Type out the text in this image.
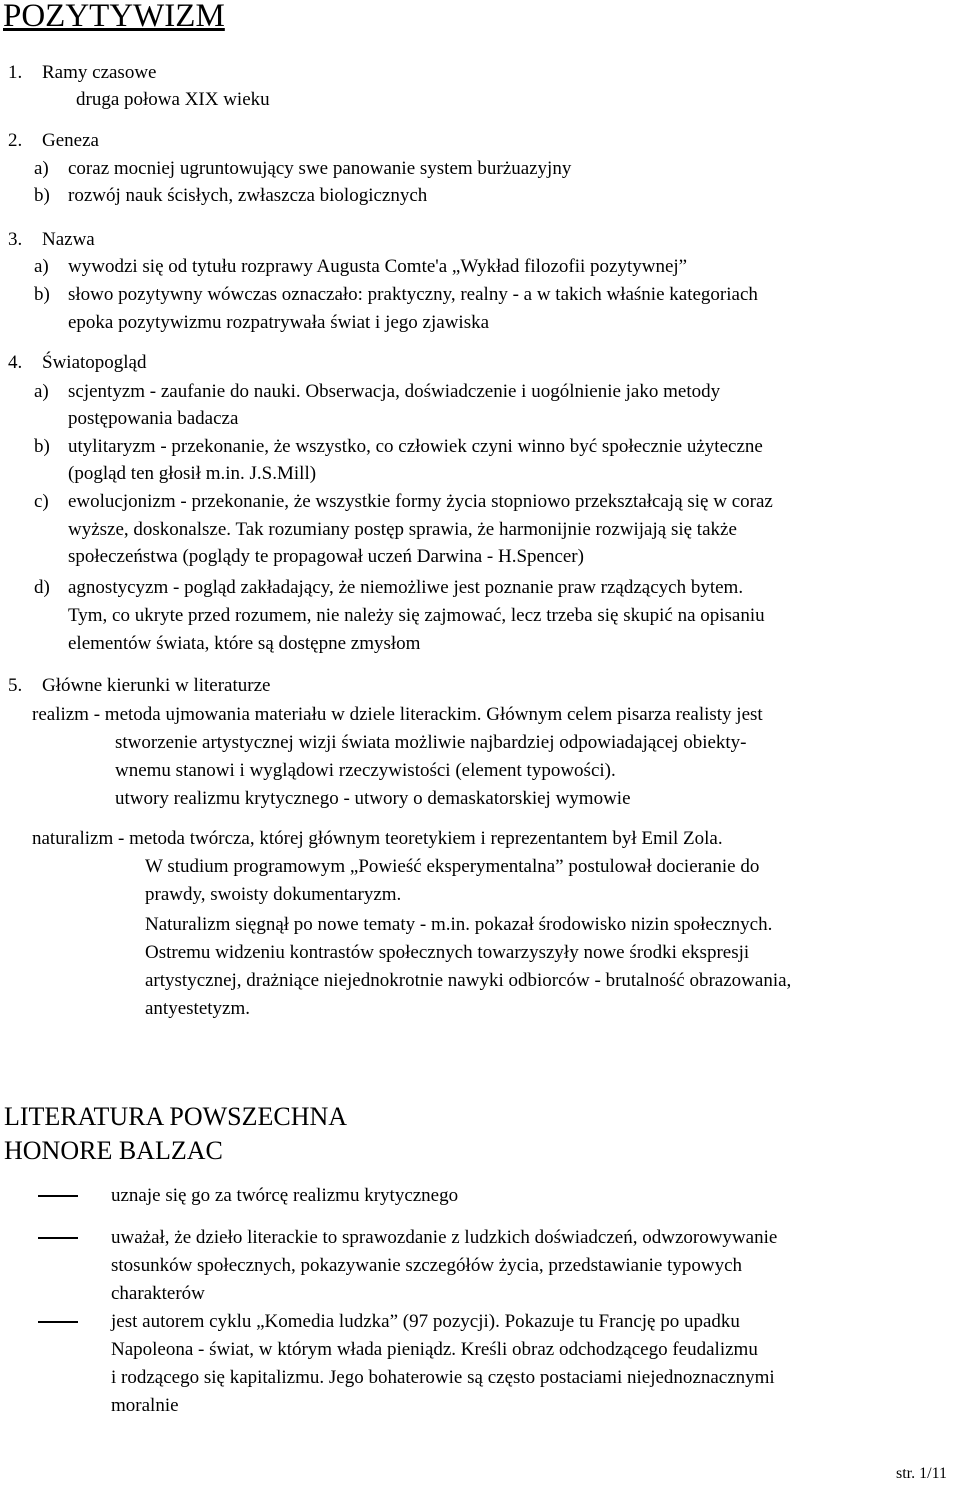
POZYTYWIZM
1. Ramy czasowe
druga połowa XIX wieku
2. Geneza
a) coraz mocniej ugruntowujący swe panowanie system burżuazyjny
b) rozwój nauk ścisłych, zwłaszcza biologicznych
3. Nazwa
a) wywodzi się od tytułu rozprawy Augusta Comte'a „Wykład filozofii pozytywnej”
b) słowo pozytywny wówczas oznaczało: praktyczny, realny - a w takich właśnie kategoriach
epoka pozytywizmu rozpatrywała świat i jego zjawiska
4. Światopogląd
a) scjentyzm - zaufanie do nauki. Obserwacja, doświadczenie i uogólnienie jako metody
postępowania badacza
b) utylitaryzm - przekonanie, że wszystko, co człowiek czyni winno być społecznie użyteczne
(pogląd ten głosił m.in. J.S.Mill)
c) ewolucjonizm - przekonanie, że wszystkie formy życia stopniowo przekształcają się w coraz
wyższe, doskonalsze. Tak rozumiany postęp sprawia, że harmonijnie rozwijają się także
społeczeństwa (poglądy te propagował uczeń Darwina - H.Spencer)
d) agnostycyzm - pogląd zakładający, że niemożliwe jest poznanie praw rządzących bytem.
Tym, co ukryte przed rozumem, nie należy się zajmować, lecz trzeba się skupić na opisaniu
elementów świata, które są dostępne zmysłom
5. Główne kierunki w literaturze
realizm - metoda ujmowania materiału w dziele literackim. Głównym celem pisarza realisty jest
stworzenie artystycznej wizji świata możliwie najbardziej odpowiadającej obiekty-
wnemu stanowi i wyglądowi rzeczywistości (element typowości).
utwory realizmu krytycznego - utwory o demaskatorskiej wymowie
naturalizm - metoda twórcza, której głównym teoretykiem i reprezentantem był Emil Zola.
W studium programowym „Powieść eksperymentalna” postulował docieranie do
prawdy, swoisty dokumentaryzm.
Naturalizm sięgnął po nowe tematy - m.in. pokazał środowisko nizin społecznych.
Ostremu widzeniu kontrastów społecznych towarzyszyły nowe środki ekspresji
artystycznej, drażniące niejednokrotnie nawyki odbiorców - brutalność obrazowania,
antyestetyzm.
LITERATURA POWSZECHNA
HONORE BALZAC
uznaje się go za twórcę realizmu krytycznego
uważał, że dzieło literackie to sprawozdanie z ludzkich doświadczeń, odwzorowywanie
stosunków społecznych, pokazywanie szczegółów życia, przedstawianie typowych
charakterów
jest autorem cyklu „Komedia ludzka” (97 pozycji). Pokazuje tu Francję po upadku
Napoleona - świat, w którym włada pieniądz. Kreśli obraz odchodzącego feudalizmu
i rodzącego się kapitalizmu. Jego bohaterowie są często postaciami niejednoznacznymi
moralnie
str. 1/11
